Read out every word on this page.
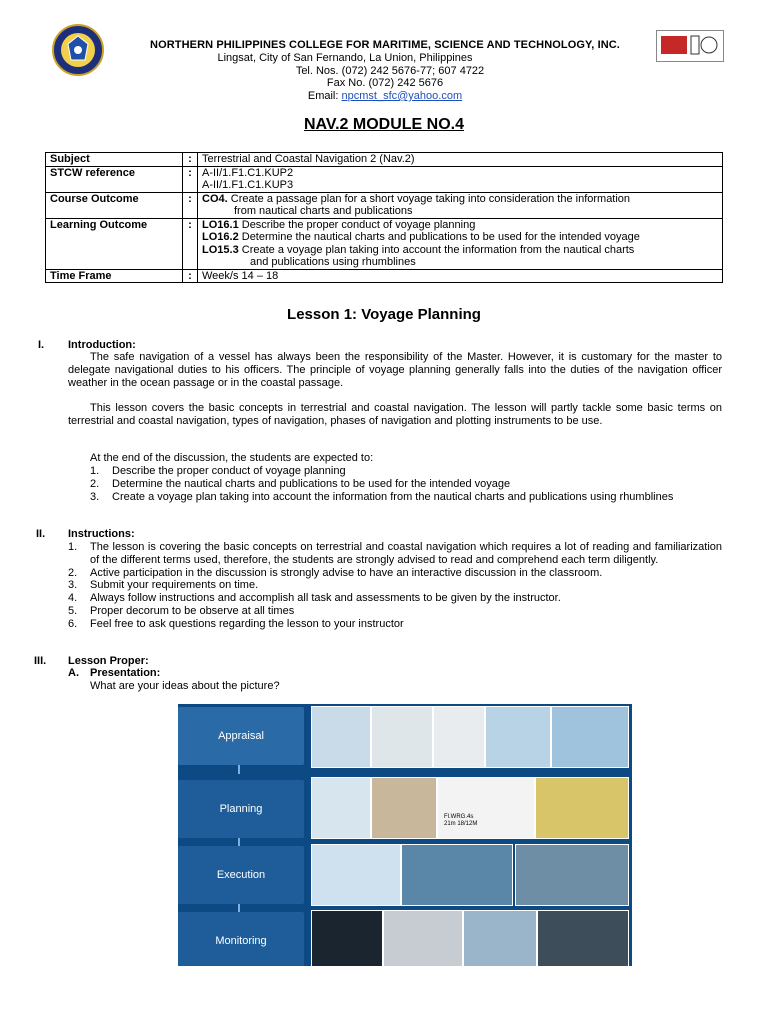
NORTHERN PHILIPPINES COLLEGE FOR MARITIME, SCIENCE AND TECHNOLOGY, INC.
Lingsat, City of San Fernando, La Union, Philippines
Tel. Nos. (072) 242 5676-77; 607 4722
Fax No. (072) 242 5676
Email: npcmst_sfc@yahoo.com
NAV.2 MODULE NO.4
Subject	:	Terrestrial and Coastal Navigation 2 (Nav.2)
STCW reference	:	A-II/1.F1.C1.KUP2
A-II/1.F1.C1.KUP3

Course Outcome	:	CO4. Create a passage plan for a short voyage taking into consideration the information
from nautical charts and publications

Learning Outcome	:	LO16.1 Describe the proper conduct of voyage planning
LO16.2 Determine the nautical charts and publications to be used for the intended voyage
LO15.3 Create a voyage plan taking into account the information from the nautical charts
and publications using rhumblines

Time Frame	:	Week/s 14 – 18
Lesson 1: Voyage Planning
I. Introduction:
The safe navigation of a vessel has always been the responsibility of the Master. However, it is customary for the master to delegate navigational duties to his officers. The principle of voyage planning generally falls into the duties of the navigation officer weather in the ocean passage or in the coastal passage.
This lesson covers the basic concepts in terrestrial and coastal navigation. The lesson will partly tackle some basic terms on terrestrial and coastal navigation, types of navigation, phases of navigation and plotting instruments to be use.
At the end of the discussion, the students are expected to:
1. Describe the proper conduct of voyage planning
2. Determine the nautical charts and publications to be used for the intended voyage
3. Create a voyage plan taking into account the information from the nautical charts and publications using rhumblines
II. Instructions:
1. The lesson is covering the basic concepts on terrestrial and coastal navigation which requires a lot of reading and familiarization of the different terms used, therefore, the students are strongly advised to read and comprehend each term diligently.
2. Active participation in the discussion is strongly advise to have an interactive discussion in the classroom.
3. Submit your requirements on time.
4. Always follow instructions and accomplish all task and assessments to be given by the instructor.
5. Proper decorum to be observe at all times
6. Feel free to ask questions regarding the lesson to your instructor
III. Lesson Proper:
A. Presentation:
What are your ideas about the picture?
Appraisal
Planning
Execution
Monitoring
Fl.WRG.4s
21m 18/12M
